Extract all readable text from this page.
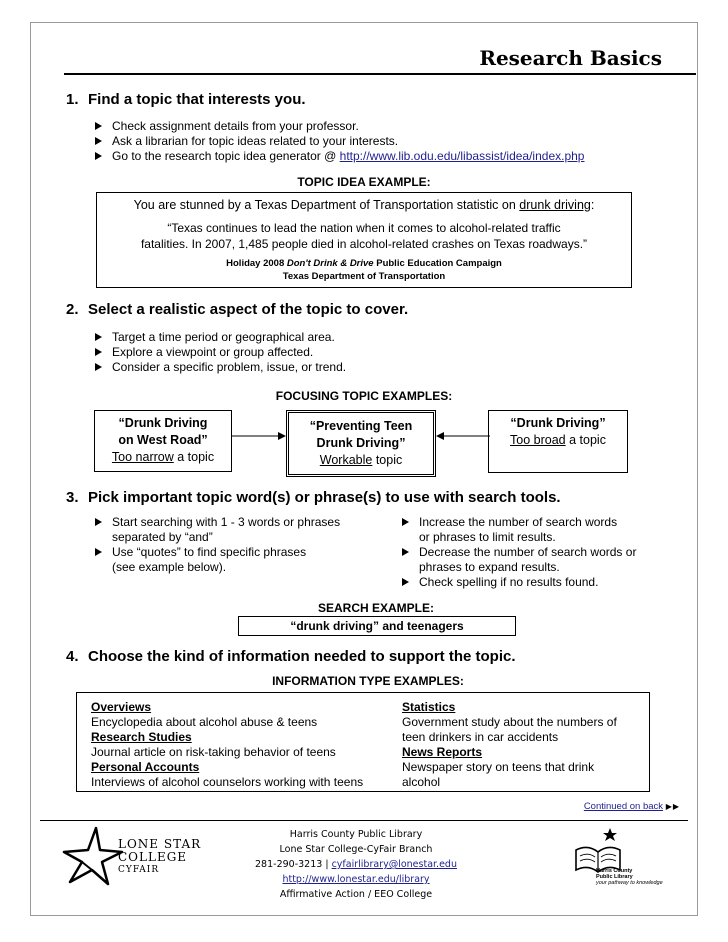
Research Basics
1. Find a topic that interests you.
Check assignment details from your professor.
Ask a librarian for topic ideas related to your interests.
Go to the research topic idea generator @ http://www.lib.odu.edu/libassist/idea/index.php
TOPIC IDEA EXAMPLE:
You are stunned by a Texas Department of Transportation statistic on drunk driving:
“Texas continues to lead the nation when it comes to alcohol-related traffic
fatalities. In 2007, 1,485 people died in alcohol-related crashes on Texas roadways.”
Holiday 2008 Don't Drink & Drive Public Education Campaign
Texas Department of Transportation
2. Select a realistic aspect of the topic to cover.
Target a time period or geographical area.
Explore a viewpoint or group affected.
Consider a specific problem, issue, or trend.
FOCUSING TOPIC EXAMPLES:
“Drunk Driving
on West Road”
Too narrow a topic
“Preventing Teen
Drunk Driving”
Workable topic
“Drunk Driving”
Too broad a topic
3. Pick important topic word(s) or phrase(s) to use with search tools.
Start searching with 1 - 3 words or phrases
separated by “and”
Use “quotes” to find specific phrases
(see example below).
Increase the number of search words
or phrases to limit results.
Decrease the number of search words or
phrases to expand results.
Check spelling if no results found.
SEARCH EXAMPLE:
“drunk driving” and teenagers
4. Choose the kind of information needed to support the topic.
INFORMATION TYPE EXAMPLES:
Overviews
Encyclopedia about alcohol abuse & teens
Research Studies
Journal article on risk-taking behavior of teens
Personal Accounts
Interviews of alcohol counselors working with teens
Statistics
Government study about the numbers of
teen drinkers in car accidents
News Reports
Newspaper story on teens that drink
alcohol
Continued on back ▶▶
LONE STAR
COLLEGE
CYFAIR
Harris County Public Library
Lone Star College-CyFair Branch
281-290-3213 | cyfairlibrary@lonestar.edu
http://www.lonestar.edu/library
Affirmative Action / EEO College
Harris County
Public Library
your pathway to knowledge
